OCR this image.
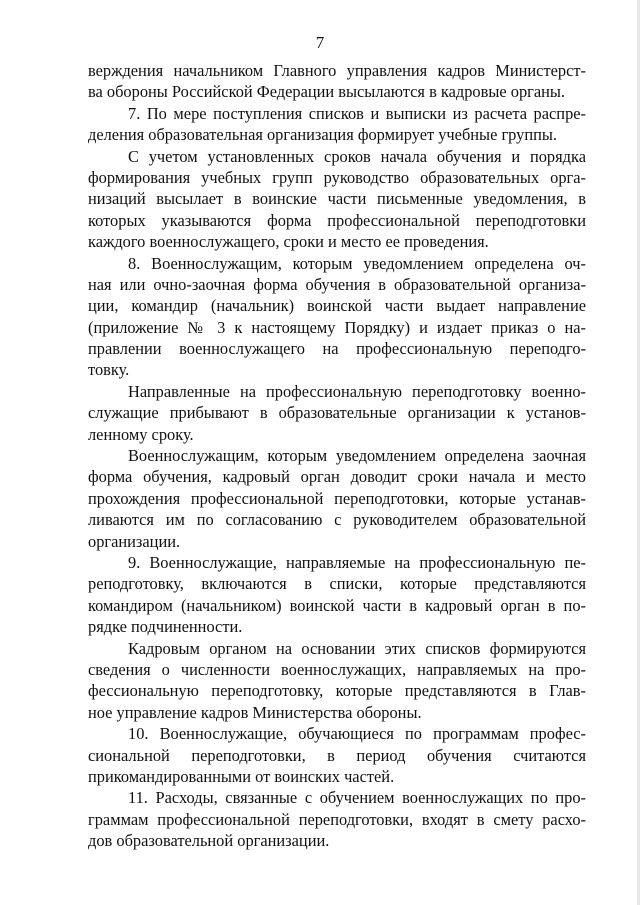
7
верждения начальником Главного управления кадров Министерст-
ва обороны Российской Федерации высылаются в кадровые органы.
7. По мере поступления списков и выписки из расчета распре-
деления образовательная организация формирует учебные группы.
С учетом установленных сроков начала обучения и порядка
формирования учебных групп руководство образовательных орга-
низаций высылает в воинские части письменные уведомления, в
которых указываются форма профессиональной переподготовки
каждого военнослужащего, сроки и место ее проведения.
8. Военнослужащим, которым уведомлением определена оч-
ная или очно-заочная форма обучения в образовательной организа-
ции, командир (начальник) воинской части выдает направление
(приложение № 3 к настоящему Порядку) и издает приказ о на-
правлении военнослужащего на профессиональную переподго-
товку.
Направленные на профессиональную переподготовку военно-
служащие прибывают в образовательные организации к установ-
ленному сроку.
Военнослужащим, которым уведомлением определена заочная
форма обучения, кадровый орган доводит сроки начала и место
прохождения профессиональной переподготовки, которые устанав-
ливаются им по согласованию с руководителем образовательной
организации.
9. Военнослужащие, направляемые на профессиональную пе-
реподготовку, включаются в списки, которые представляются
командиром (начальником) воинской части в кадровый орган в по-
рядке подчиненности.
Кадровым органом на основании этих списков формируются
сведения о численности военнослужащих, направляемых на про-
фессиональную переподготовку, которые представляются в Глав-
ное управление кадров Министерства обороны.
10. Военнослужащие, обучающиеся по программам профес-
сиональной переподготовки, в период обучения считаются
прикомандированными от воинских частей.
11. Расходы, связанные с обучением военнослужащих по про-
граммам профессиональной переподготовки, входят в смету расхо-
дов образовательной организации.
